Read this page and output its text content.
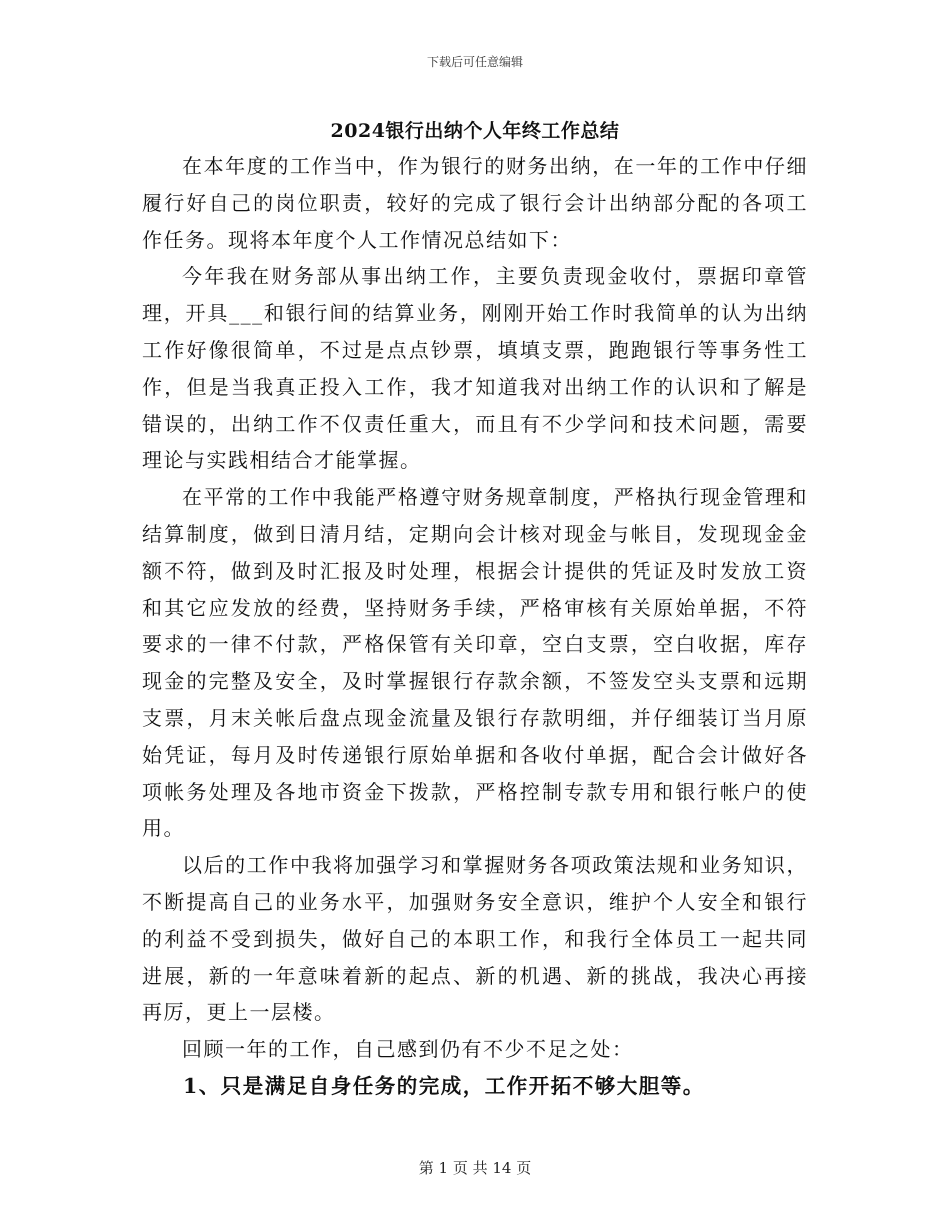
下载后可任意编辑
2024银行出纳个人年终工作总结

在本年度的工作当中，作为银行的财务出纳，在一年的工作中仔细履行好自己的岗位职责，较好的完成了银行会计出纳部分配的各项工作任务。现将本年度个人工作情况总结如下：

今年我在财务部从事出纳工作，主要负责现金收付，票据印章管理，开具___和银行间的结算业务，刚刚开始工作时我简单的认为出纳工作好像很简单，不过是点点钞票，填填支票，跑跑银行等事务性工作，但是当我真正投入工作，我才知道我对出纳工作的认识和了解是错误的，出纳工作不仅责任重大，而且有不少学问和技术问题，需要理论与实践相结合才能掌握。

在平常的工作中我能严格遵守财务规章制度，严格执行现金管理和结算制度，做到日清月结，定期向会计核对现金与帐目，发现现金金额不符，做到及时汇报及时处理，根据会计提供的凭证及时发放工资和其它应发放的经费，坚持财务手续，严格审核有关原始单据，不符要求的一律不付款，严格保管有关印章，空白支票，空白收据，库存现金的完整及安全，及时掌握银行存款余额，不签发空头支票和远期支票，月末关帐后盘点现金流量及银行存款明细，并仔细装订当月原始凭证，每月及时传递银行原始单据和各收付单据，配合会计做好各项帐务处理及各地市资金下拨款，严格控制专款专用和银行帐户的使用。

以后的工作中我将加强学习和掌握财务各项政策法规和业务知识，不断提高自己的业务水平，加强财务安全意识，维护个人安全和银行的利益不受到损失，做好自己的本职工作，和我行全体员工一起共同进展，新的一年意味着新的起点、新的机遇、新的挑战，我决心再接再厉，更上一层楼。

回顾一年的工作，自己感到仍有不少不足之处：

1、只是满足自身任务的完成，工作开拓不够大胆等。

第 1 页 共 14 页
